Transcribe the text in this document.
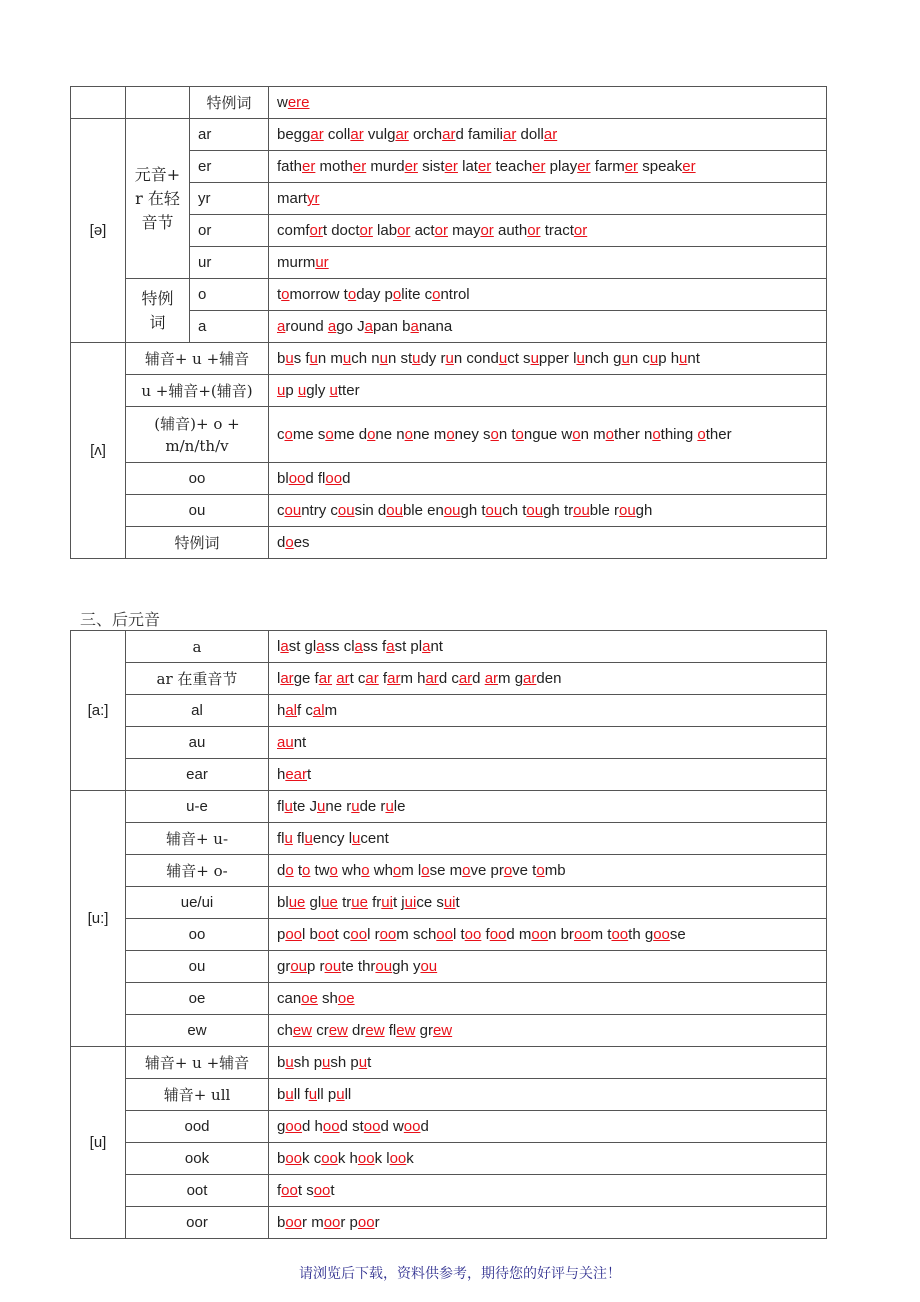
		特例词	were
[ə]	元音+ r 在轻音节	ar	beggar collar vulgar orchard familiar dollar
		er	father mother murder sister later teacher player farmer speaker
		yr	martyr
		or	comfort doctor labor actor mayor author tractor
		ur	murmur
	特例词	o	tomorrow today polite control
		a	around ago Japan banana
[ʌ]	辅音+ u +辅音		bus fun much nun study run conduct supper lunch gun cup hunt
	u +辅音+(辅音)		up ugly utter
	(辅音)+ o + m/n/th/v		come some done none money son tongue won mother nothing other
	oo		blood flood
	ou		country cousin double enough touch tough trouble rough
	特例词		does
三、后元音
[a:]	a	last glass class fast plant
	ar 在重音节	large far art car farm hard card arm garden
	al	half calm
	au	aunt
	ear	heart
[u:]	u-e	flute June rude rule
	辅音+ u-	flu fluency lucent
	辅音+ o-	do to two who whom lose move prove tomb
	ue/ui	blue glue true fruit juice suit
	oo	pool boot cool room school too food moon broom tooth goose
	ou	group route through you
	oe	canoe shoe
	ew	chew crew drew flew grew
[u]	辅音+ u +辅音	bush push put
	辅音+ ull	bull full pull
	ood	good hood stood wood
	ook	book cook hook look
	oot	foot soot
	oor	boor moor poor
请浏览后下载，资料供参考，期待您的好评与关注！
